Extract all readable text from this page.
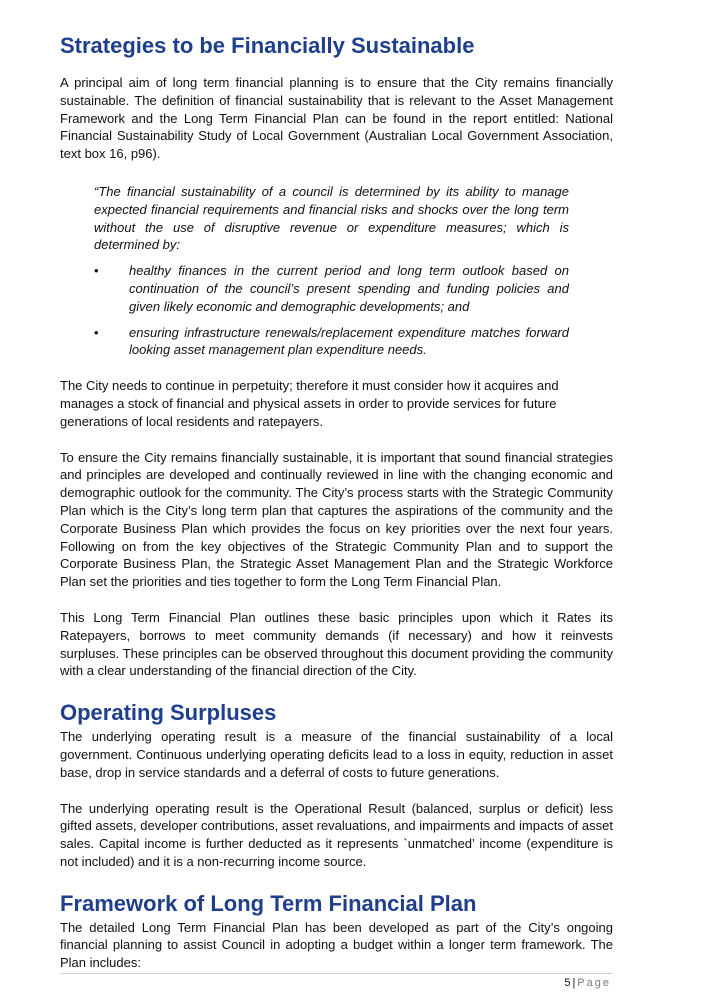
Strategies to be Financially Sustainable

A principal aim of long term financial planning is to ensure that the City remains financially sustainable. The definition of financial sustainability that is relevant to the Asset Management Framework and the Long Term Financial Plan can be found in the report entitled: National Financial Sustainability Study of Local Government (Australian Local Government Association, text box 16, p96).

“The financial sustainability of a council is determined by its ability to manage expected financial requirements and financial risks and shocks over the long term without the use of disruptive revenue or expenditure measures; which is determined by:

• healthy finances in the current period and long term outlook based on continuation of the council’s present spending and funding policies and given likely economic and demographic developments; and
• ensuring infrastructure renewals/replacement expenditure matches forward looking asset management plan expenditure needs.

The City needs to continue in perpetuity; therefore it must consider how it acquires and manages a stock of financial and physical assets in order to provide services for future generations of local residents and ratepayers.

To ensure the City remains financially sustainable, it is important that sound financial strategies and principles are developed and continually reviewed in line with the changing economic and demographic outlook for the community. The City’s process starts with the Strategic Community Plan which is the City’s long term plan that captures the aspirations of the community and the Corporate Business Plan which provides the focus on key priorities over the next four years. Following on from the key objectives of the Strategic Community Plan and to support the Corporate Business Plan, the Strategic Asset Management Plan and the Strategic Workforce Plan set the priorities and ties together to form the Long Term Financial Plan.

This Long Term Financial Plan outlines these basic principles upon which it Rates its Ratepayers, borrows to meet community demands (if necessary) and how it reinvests surpluses. These principles can be observed throughout this document providing the community with a clear understanding of the financial direction of the City.

Operating Surpluses

The underlying operating result is a measure of the financial sustainability of a local government. Continuous underlying operating deficits lead to a loss in equity, reduction in asset base, drop in service standards and a deferral of costs to future generations.

The underlying operating result is the Operational Result (balanced, surplus or deficit) less gifted assets, developer contributions, asset revaluations, and impairments and impacts of asset sales. Capital income is further deducted as it represents `unmatched’ income (expenditure is not included) and it is a non-recurring income source.

Framework of Long Term Financial Plan

The detailed Long Term Financial Plan has been developed as part of the City’s ongoing financial planning to assist Council in adopting a budget within a longer term framework. The Plan includes:

5 | Page
